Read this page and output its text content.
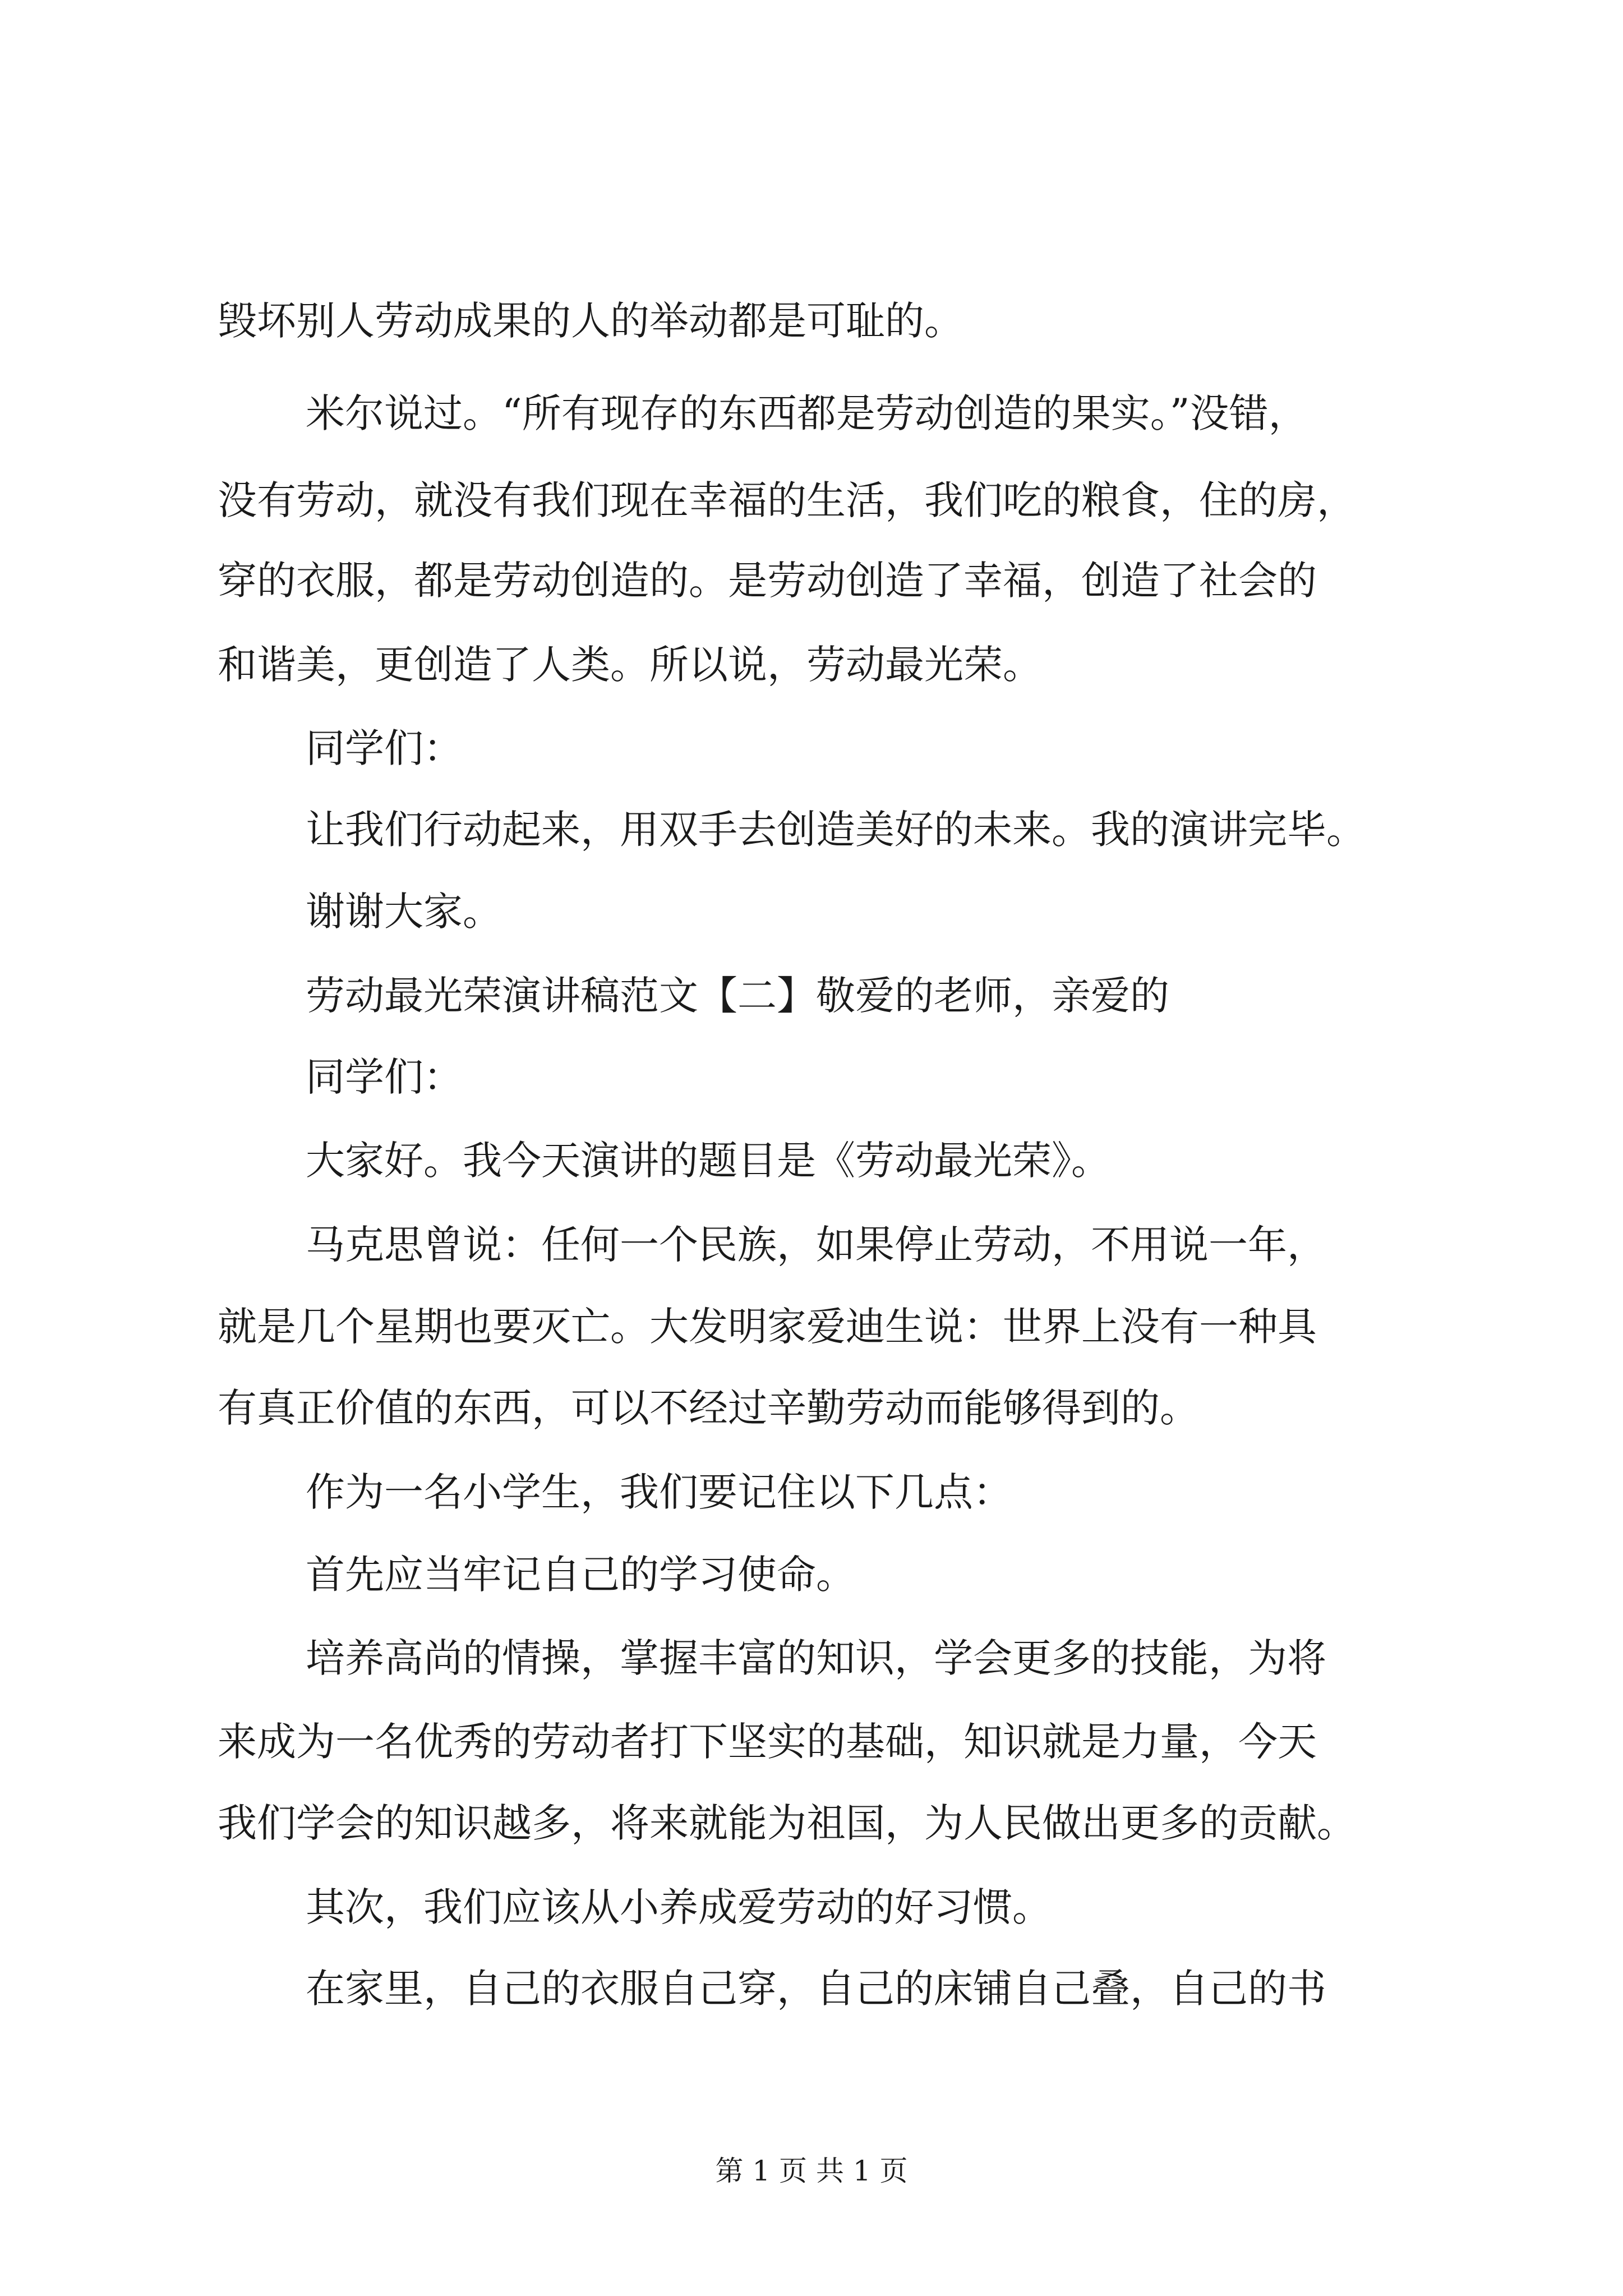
毁坏别人劳动成果的人的举动都是可耻的。
米尔说过。“所有现存的东西都是劳动创造的果实。”没错，
没有劳动，就没有我们现在幸福的生活，我们吃的粮食，住的房，
穿的衣服，都是劳动创造的。是劳动创造了幸福，创造了社会的
和谐美，更创造了人类。所以说，劳动最光荣。
同学们：
让我们行动起来，用双手去创造美好的未来。我的演讲完毕。
谢谢大家。
劳动最光荣演讲稿范文【二】敬爱的老师，亲爱的
同学们：
大家好。我今天演讲的题目是《劳动最光荣》。
马克思曾说：任何一个民族，如果停止劳动，不用说一年，
就是几个星期也要灭亡。大发明家爱迪生说：世界上没有一种具
有真正价值的东西，可以不经过辛勤劳动而能够得到的。
作为一名小学生，我们要记住以下几点：
首先应当牢记自己的学习使命。
培养高尚的情操，掌握丰富的知识，学会更多的技能，为将
来成为一名优秀的劳动者打下坚实的基础，知识就是力量，今天
我们学会的知识越多，将来就能为祖国，为人民做出更多的贡献。
其次，我们应该从小养成爱劳动的好习惯。
在家里，自己的衣服自己穿，自己的床铺自己叠，自己的书
第 1 页 共 1 页
